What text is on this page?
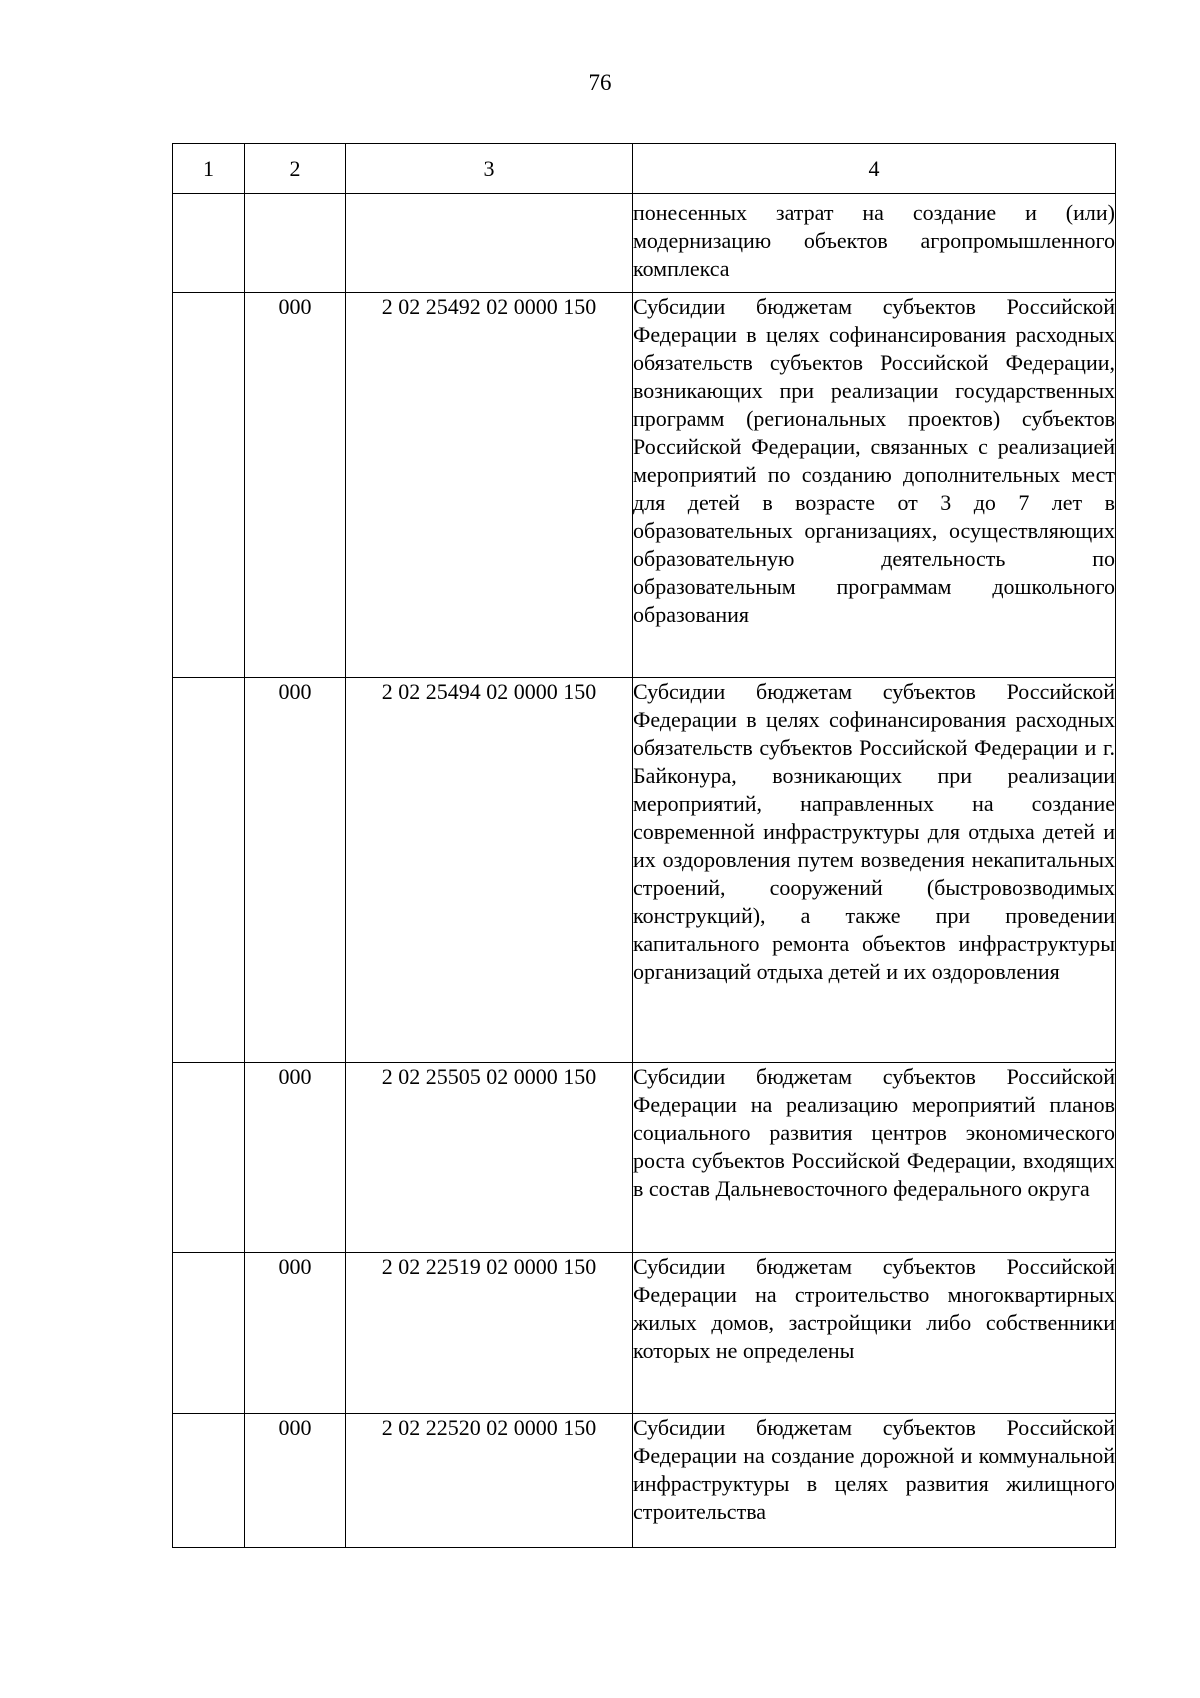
76
1	2	3	4
			понесенных затрат на создание и (или) модернизацию объектов агропромышленного комплекса
	000	2 02 25492 02 0000 150	Субсидии бюджетам субъектов Российской Федерации в целях софинансирования расходных обязательств субъектов Российской Федерации, возникающих при реализации государственных программ (региональных проектов) субъектов Российской Федерации, связанных с реализацией мероприятий по созданию дополнительных мест для детей в возрасте от 3 до 7 лет в образовательных организациях, осуществляющих образовательную деятельность по образовательным программам дошкольного образования
	000	2 02 25494 02 0000 150	Субсидии бюджетам субъектов Российской Федерации в целях софинансирования расходных обязательств субъектов Российской Федерации и г. Байконура, возникающих при реализации мероприятий, направленных на создание современной инфраструктуры для отдыха детей и их оздоровления путем возведения некапитальных строений, сооружений (быстровозводимых конструкций), а также при проведении капитального ремонта объектов инфраструктуры организаций отдыха детей и их оздоровления
	000	2 02 25505 02 0000 150	Субсидии бюджетам субъектов Российской Федерации на реализацию мероприятий планов социального развития центров экономического роста субъектов Российской Федерации, входящих в состав Дальневосточного федерального округа
	000	2 02 22519 02 0000 150	Субсидии бюджетам субъектов Российской Федерации на строительство многоквартирных жилых домов, застройщики либо собственники которых не определены
	000	2 02 22520 02 0000 150	Субсидии бюджетам субъектов Российской Федерации на создание дорожной и коммунальной инфраструктуры в целях развития жилищного строительства
